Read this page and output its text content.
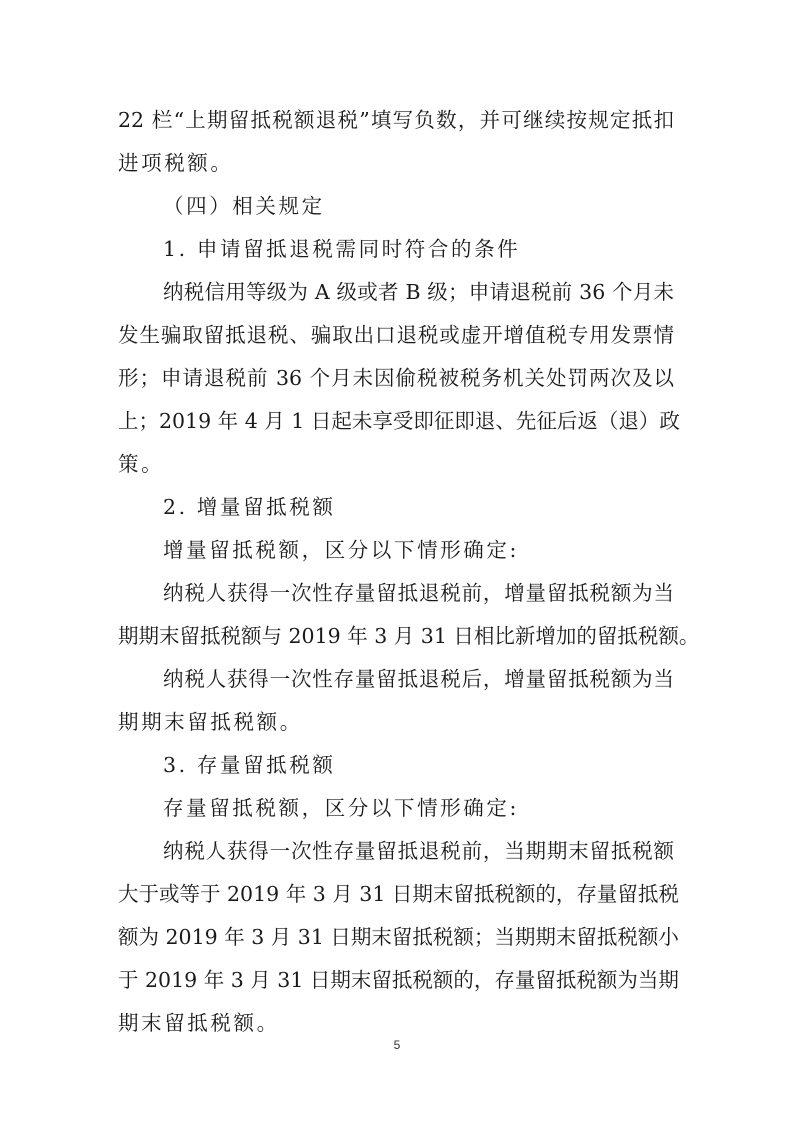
22 栏“上期留抵税额退税”填写负数，并可继续按规定抵扣
进项税额。
（四）相关规定
1. 申请留抵退税需同时符合的条件
纳税信用等级为 A 级或者 B 级；申请退税前 36 个月未
发生骗取留抵退税、骗取出口退税或虚开增值税专用发票情
形；申请退税前 36 个月未因偷税被税务机关处罚两次及以
上；2019 年 4 月 1 日起未享受即征即退、先征后返（退）政
策。
2. 增量留抵税额
增量留抵税额，区分以下情形确定:
纳税人获得一次性存量留抵退税前，增量留抵税额为当
期期末留抵税额与 2019 年 3 月 31 日相比新增加的留抵税额。
纳税人获得一次性存量留抵退税后，增量留抵税额为当
期期末留抵税额。
3. 存量留抵税额
存量留抵税额，区分以下情形确定:
纳税人获得一次性存量留抵退税前，当期期末留抵税额
大于或等于 2019 年 3 月 31 日期末留抵税额的，存量留抵税
额为 2019 年 3 月 31 日期末留抵税额；当期期末留抵税额小
于 2019 年 3 月 31 日期末留抵税额的，存量留抵税额为当期
期末留抵税额。
5
